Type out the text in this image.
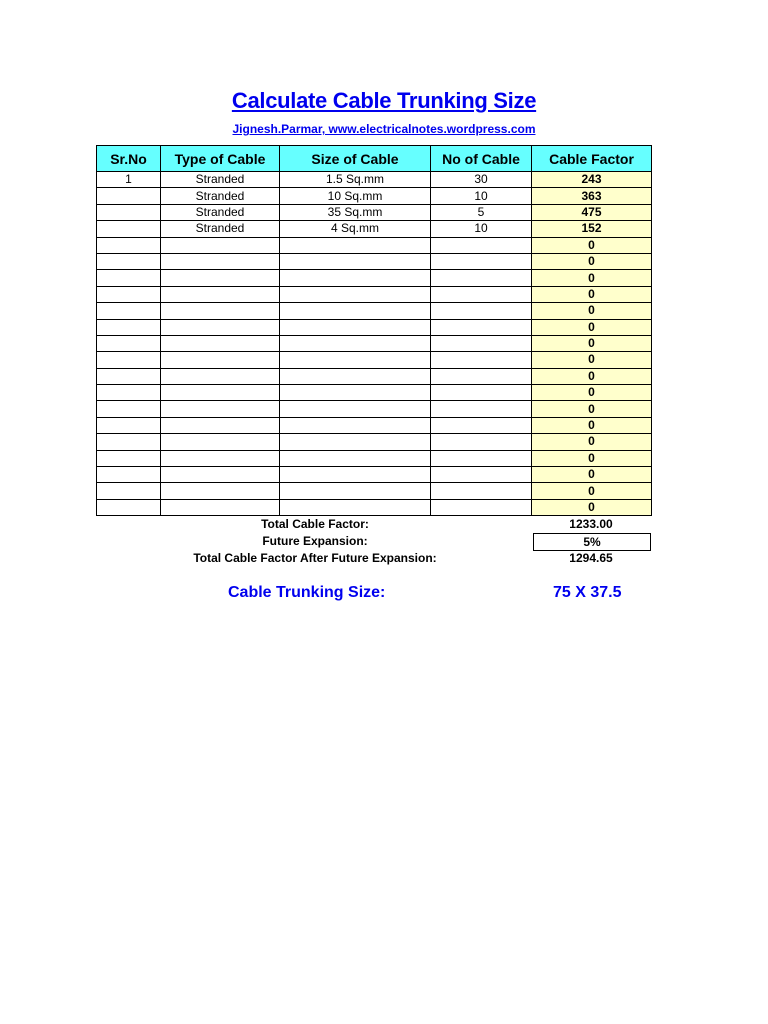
Calculate Cable Trunking Size
Jignesh.Parmar, www.electricalnotes.wordpress.com
Sr.No	Type of Cable	Size of Cable	No of Cable	Cable Factor
1	Stranded	1.5 Sq.mm	30	243
	Stranded	10 Sq.mm	10	363
	Stranded	35 Sq.mm	5	475
	Stranded	4 Sq.mm	10	152
				0
				0
				0
				0
				0
				0
				0
				0
				0
				0
				0
				0
				0
				0
				0
				0
				0
Total Cable Factor:	1233.00
Future Expansion:	5%
Total Cable Factor After Future Expansion:	1294.65
Cable Trunking Size:	75 X 37.5
